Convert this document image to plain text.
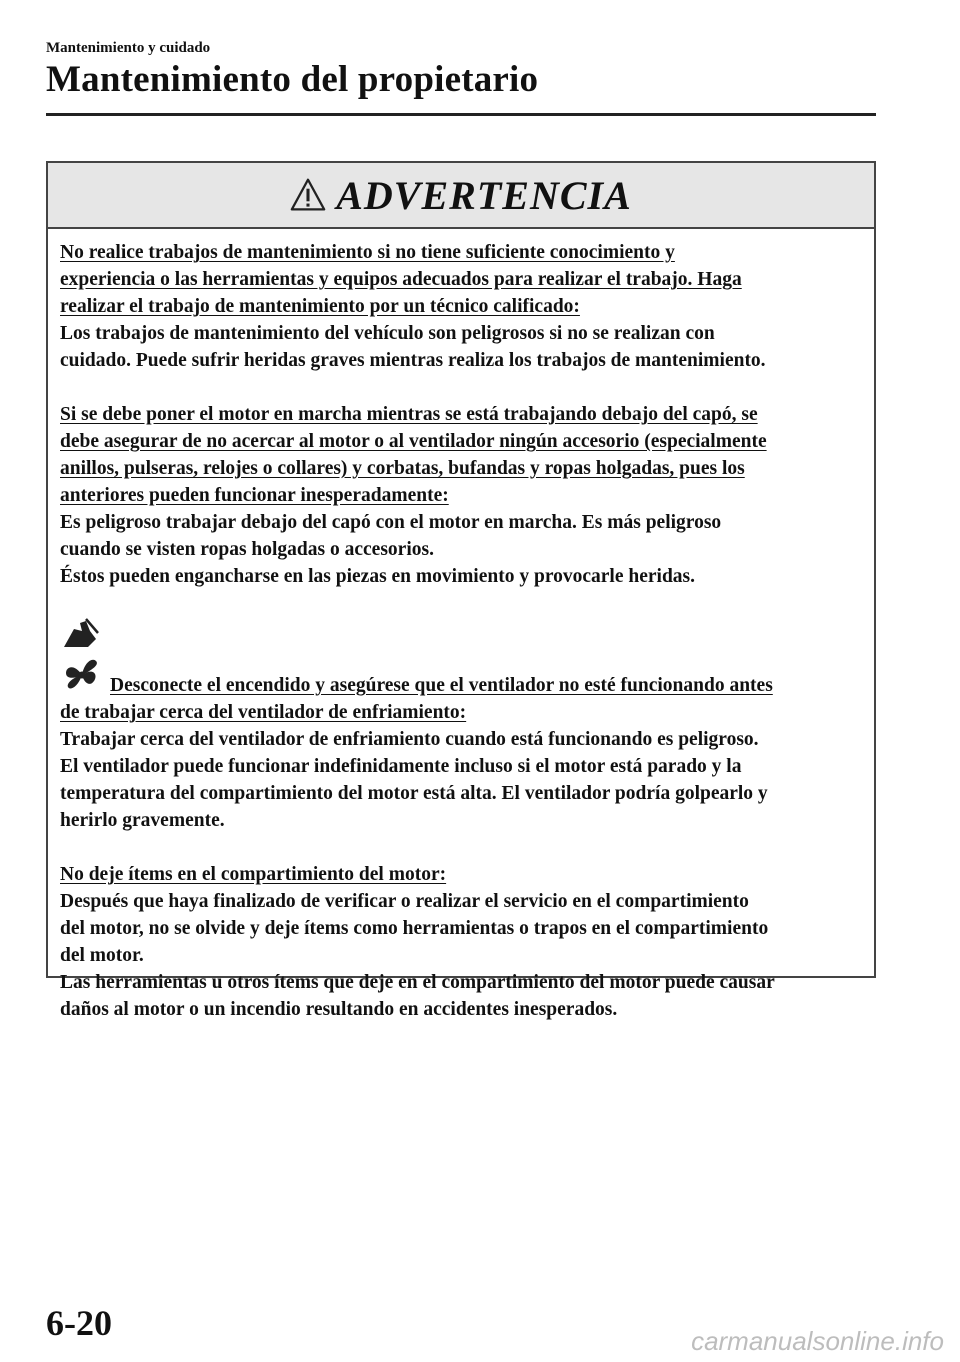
Mantenimiento y cuidado
Mantenimiento del propietario
ADVERTENCIA
No realice trabajos de mantenimiento si no tiene suficiente conocimiento y
experiencia o las herramientas y equipos adecuados para realizar el trabajo. Haga
realizar el trabajo de mantenimiento por un técnico calificado:
Los trabajos de mantenimiento del vehículo son peligrosos si no se realizan con
cuidado. Puede sufrir heridas graves mientras realiza los trabajos de mantenimiento.
Si se debe poner el motor en marcha mientras se está trabajando debajo del capó, se
debe asegurar de no acercar al motor o al ventilador ningún accesorio (especialmente
anillos, pulseras, relojes o collares) y corbatas, bufandas y ropas holgadas, pues los
anteriores pueden funcionar inesperadamente:
Es peligroso trabajar debajo del capó con el motor en marcha. Es más peligroso
cuando se visten ropas holgadas o accesorios.
Éstos pueden engancharse en las piezas en movimiento y provocarle heridas.
Desconecte el encendido y asegúrese que el ventilador no esté funcionando antes
de trabajar cerca del ventilador de enfriamiento:
Trabajar cerca del ventilador de enfriamiento cuando está funcionando es peligroso.
El ventilador puede funcionar indefinidamente incluso si el motor está parado y la
temperatura del compartimiento del motor está alta. El ventilador podría golpearlo y
herirlo gravemente.
No deje ítems en el compartimiento del motor:
Después que haya finalizado de verificar o realizar el servicio en el compartimiento
del motor, no se olvide y deje ítems como herramientas o trapos en el compartimiento
del motor.
Las herramientas u otros ítems que deje en el compartimiento del motor puede causar
daños al motor o un incendio resultando en accidentes inesperados.
6-20	carmanualsonline.info
